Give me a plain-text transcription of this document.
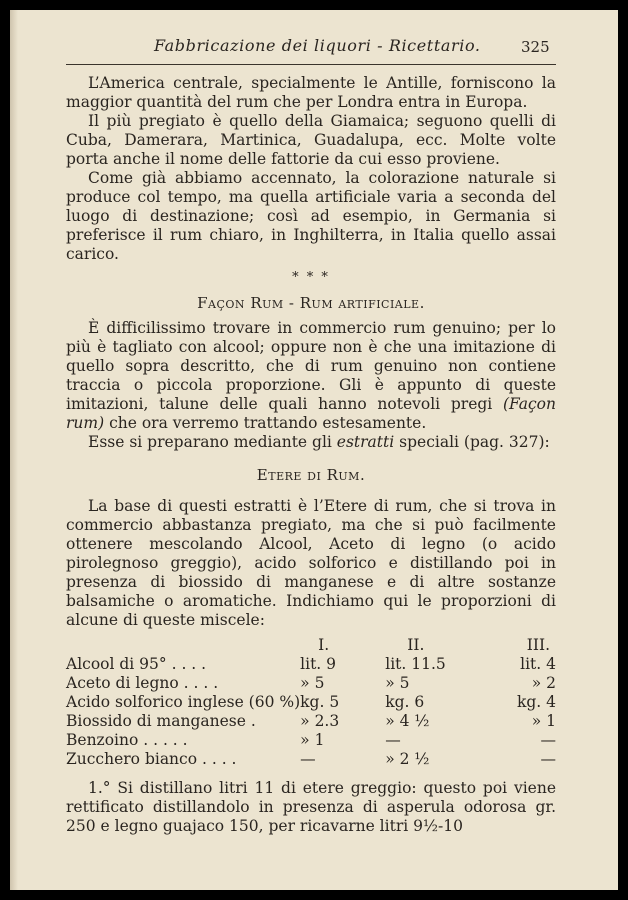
Fabbricazione dei liquori - Ricettario.	325

L’America centrale, specialmente le Antille, forniscono la maggior quantità del rum che per Londra entra in Europa.

Il più pregiato è quello della Giamaica; seguono quelli di Cuba, Damerara, Martinica, Guadalupa, ecc. Molte volte porta anche il nome delle fattorie da cui esso proviene.

Come già abbiamo accennato, la colorazione naturale si produce col tempo, ma quella artificiale varia a seconda del luogo di destinazione; così ad esempio, in Germania si preferisce il rum chiaro, in Inghilterra, in Italia quello assai carico.

* * *
Façon Rum - Rum artificiale.

È difficilissimo trovare in commercio rum genuino; per lo più è tagliato con alcool; oppure non è che una imitazione di quello sopra descritto, che di rum genuino non contiene traccia o piccola proporzione. Gli è appunto di queste imitazioni, talune delle quali hanno notevoli pregi (Façon rum) che ora verremo trattando estesamente.

Esse si preparano mediante gli estratti speciali (pag. 327):

Etere di Rum.

La base di questi estratti è l’Etere di rum, che si trova in commercio abbastanza pregiato, ma che si può facilmente ottenere mescolando Alcool, Aceto di legno (o acido pirolegnoso greggio), acido solforico e distillando poi in presenza di biossido di manganese e di altre sostanze balsamiche o aromatiche. Indichiamo qui le proporzioni di alcune di queste miscele:

	I.	II.	III.
Alcool di 95° . . . .	lit. 9	lit. 11.5	lit. 4
Aceto di legno . . . .	» 5	» 5	» 2
Acido solforico inglese (60 %)	kg. 5	kg. 6	kg. 4
Biossido di manganese .	» 2.3	» 4 ½	» 1
Benzoino . . . . .	» 1	—	—
Zucchero bianco . . . .	—	» 2 ½	—

1.° Si distillano litri 11 di etere greggio: questo poi viene rettificato distillandolo in presenza di asperula odorosa gr. 250 e legno guajaco 150, per ricavarne litri 9½-10
